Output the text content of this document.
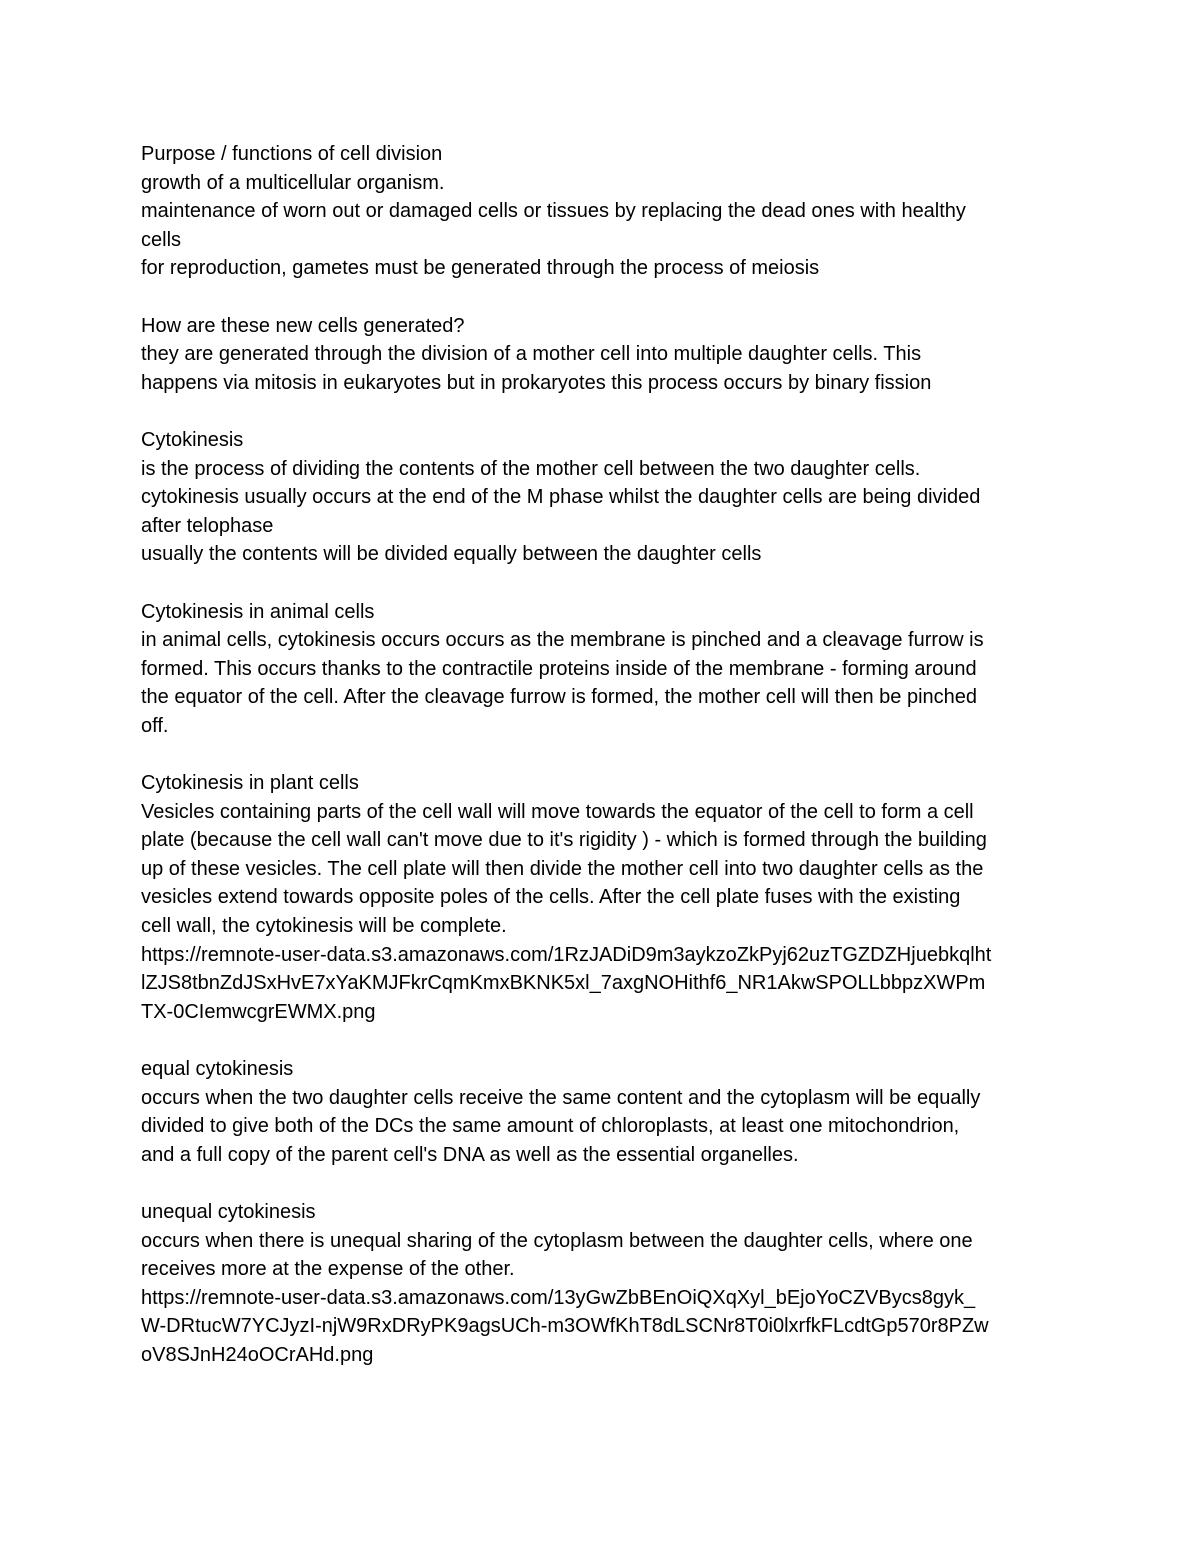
Purpose / functions of cell division

growth of a multicellular organism.

maintenance of worn out or damaged cells or tissues by replacing the dead ones with healthy

cells

for reproduction, gametes must be generated through the process of meiosis

How are these new cells generated?

they are generated through the division of a mother cell into multiple daughter cells. This

happens via mitosis in eukaryotes but in prokaryotes this process occurs by binary fission

Cytokinesis

is the process of dividing the contents of the mother cell between the two daughter cells.

cytokinesis usually occurs at the end of the M phase whilst the daughter cells are being divided

after telophase

usually the contents will be divided equally between the daughter cells

Cytokinesis in animal cells

in animal cells, cytokinesis occurs occurs as the membrane is pinched and a cleavage furrow is

formed. This occurs thanks to the contractile proteins inside of the membrane - forming around

the equator of the cell. After the cleavage furrow is formed, the mother cell will then be pinched

off.

Cytokinesis in plant cells

Vesicles containing parts of the cell wall will move towards the equator of the cell to form a cell

plate (because the cell wall can't move due to it's rigidity ) - which is formed through the building

up of these vesicles. The cell plate will then divide the mother cell into two daughter cells as the

vesicles extend towards opposite poles of the cells. After the cell plate fuses with the existing

cell wall, the cytokinesis will be complete.

https://remnote-user-data.s3.amazonaws.com/1RzJADiD9m3aykzoZkPyj62uzTGZDZHjuebkqlht

lZJS8tbnZdJSxHvE7xYaKMJFkrCqmKmxBKNK5xl_7axgNOHithf6_NR1AkwSPOLLbbpzXWPm

TX-0CIemwcgrEWMX.png

equal cytokinesis

occurs when the two daughter cells receive the same content and the cytoplasm will be equally

divided to give both of the DCs the same amount of chloroplasts, at least one mitochondrion,

and a full copy of the parent cell's DNA as well as the essential organelles.

unequal cytokinesis

occurs when there is unequal sharing of the cytoplasm between the daughter cells, where one

receives more at the expense of the other.

https://remnote-user-data.s3.amazonaws.com/13yGwZbBEnOiQXqXyl_bEjoYoCZVBycs8gyk_

W-DRtucW7YCJyzI-njW9RxDRyPK9agsUCh-m3OWfKhT8dLSCNr8T0i0lxrfkFLcdtGp570r8PZw

oV8SJnH24oOCrAHd.png
